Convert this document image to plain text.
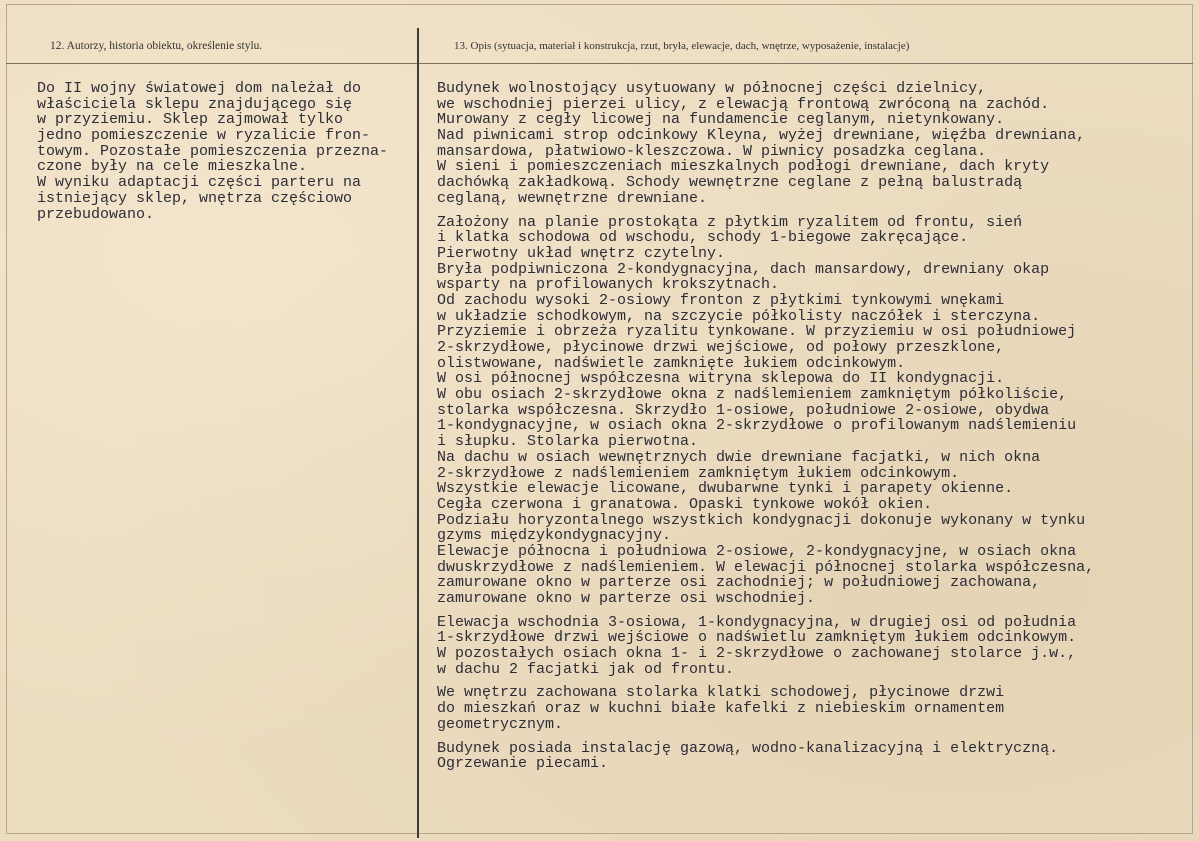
12. Autorzy, historia obiektu, określenie stylu.	13. Opis (sytuacja, materiał i konstrukcja, rzut, bryła, elewacje, dach, wnętrze, wyposażenie, instalacje)
Do II wojny światowej dom należał do
właściciela sklepu znajdującego się
w przyziemiu. Sklep zajmował tylko
jedno pomieszczenie w ryzalicie fron-
towym. Pozostałe pomieszczenia przezna-
czone były na cele mieszkalne.
W wyniku adaptacji części parteru na
istniejący sklep, wnętrza częściowo
przebudowano.
Budynek wolnostojący usytuowany w północnej części dzielnicy,
we wschodniej pierzei ulicy, z elewacją frontową zwróconą na zachód.
Murowany z cegły licowej na fundamencie ceglanym, nietynkowany.
Nad piwnicami strop odcinkowy Kleyna, wyżej drewniane, więźba drewniana,
mansardowa, płatwiowo-kleszczowa. W piwnicy posadzka ceglana.
W sieni i pomieszczeniach mieszkalnych podłogi drewniane, dach kryty
dachówką zakładkową. Schody wewnętrzne ceglane z pełną balustradą
ceglaną, wewnętrzne drewniane.
Założony na planie prostokąta z płytkim ryzalitem od frontu, sień
i klatka schodowa od wschodu, schody 1-biegowe zakręcające.
Pierwotny układ wnętrz czytelny.
Bryła podpiwniczona 2-kondygnacyjna, dach mansardowy, drewniany okap
wsparty na profilowanych krokszytnach.
Od zachodu wysoki 2-osiowy fronton z płytkimi tynkowymi wnękami
w układzie schodkowym, na szczycie półkolisty naczółek i sterczyna.
Przyziemie i obrzeża ryzalitu tynkowane. W przyziemiu w osi południowej
2-skrzydłowe, płycinowe drzwi wejściowe, od połowy przeszklone,
olistwowane, nadświetle zamknięte łukiem odcinkowym.
W osi północnej współczesna witryna sklepowa do II kondygnacji.
W obu osiach 2-skrzydłowe okna z nadślemieniem zamkniętym półkoliście,
stolarka współczesna. Skrzydło 1-osiowe, południowe 2-osiowe, obydwa
1-kondygnacyjne, w osiach okna 2-skrzydłowe o profilowanym nadślemieniu
i słupku. Stolarka pierwotna.
Na dachu w osiach wewnętrznych dwie drewniane facjatki, w nich okna
2-skrzydłowe z nadślemieniem zamkniętym łukiem odcinkowym.
Wszystkie elewacje licowane, dwubarwne tynki i parapety okienne.
Cegła czerwona i granatowa. Opaski tynkowe wokół okien.
Podziału horyzontalnego wszystkich kondygnacji dokonuje wykonany w tynku
gzyms międzykondygnacyjny.
Elewacje północna i południowa 2-osiowe, 2-kondygnacyjne, w osiach okna
dwuskrzydłowe z nadślemieniem. W elewacji północnej stolarka współczesna,
zamurowane okno w parterze osi zachodniej; w południowej zachowana,
zamurowane okno w parterze osi wschodniej.
Elewacja wschodnia 3-osiowa, 1-kondygnacyjna, w drugiej osi od południa
1-skrzydłowe drzwi wejściowe o nadświetlu zamkniętym łukiem odcinkowym.
W pozostałych osiach okna 1- i 2-skrzydłowe o zachowanej stolarce j.w.,
w dachu 2 facjatki jak od frontu.
We wnętrzu zachowana stolarka klatki schodowej, płycinowe drzwi
do mieszkań oraz w kuchni białe kafelki z niebieskim ornamentem
geometrycznym.
Budynek posiada instalację gazową, wodno-kanalizacyjną i elektryczną.
Ogrzewanie piecami.
